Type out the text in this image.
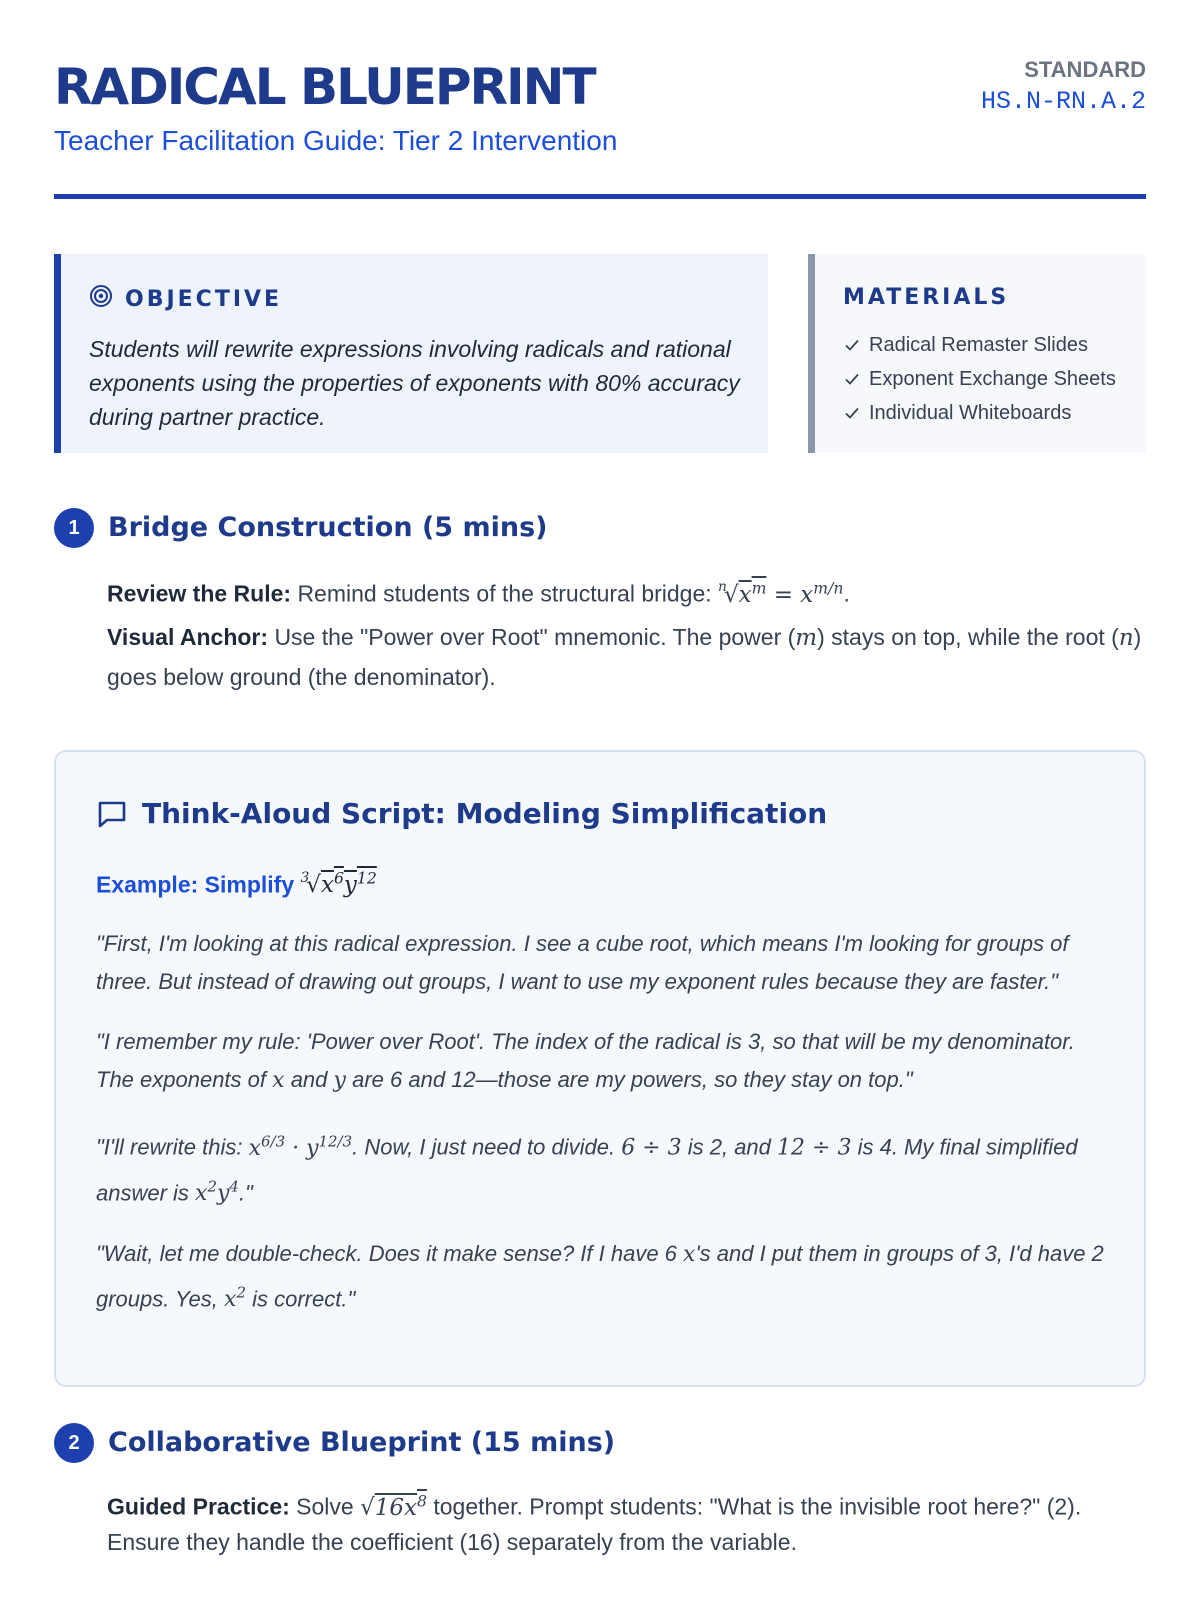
RADICAL BLUEPRINT
Teacher Facilitation Guide: Tier 2 Intervention
STANDARD
HS.N-RN.A.2
OBJECTIVE
Students will rewrite expressions involving radicals and rational exponents using the properties of exponents with 80% accuracy during partner practice.
MATERIALS
Radical Remaster Slides
Exponent Exchange Sheets
Individual Whiteboards
1	Bridge Construction (5 mins)
Review the Rule: Remind students of the structural bridge: $^n√x^m = x^{m/n}$.
Visual Anchor: Use the "Power over Root" mnemonic. The power (m) stays on top, while the root (n) goes below ground (the denominator).
Think-Aloud Script: Modeling Simplification
Example: Simplify $^3√x^6y^{12}$
"First, I'm looking at this radical expression. I see a cube root, which means I'm looking for groups of three. But instead of drawing out groups, I want to use my exponent rules because they are faster."
"I remember my rule: 'Power over Root'. The index of the radical is 3, so that will be my denominator. The exponents of x and y are 6 and 12—those are my powers, so they stay on top."
"I'll rewrite this: $x^{6/3} \cdot y^{12/3}$. Now, I just need to divide. 6 ÷ 3 is 2, and 12 ÷ 3 is 4. My final simplified answer is $x^2y^4$."
"Wait, let me double-check. Does it make sense? If I have 6 x's and I put them in groups of 3, I'd have 2 groups. Yes, $x^2$ is correct."
2	Collaborative Blueprint (15 mins)
Guided Practice: Solve $√16x^8$ together. Prompt students: "What is the invisible root here?" (2). Ensure they handle the coefficient (16) separately from the variable.
